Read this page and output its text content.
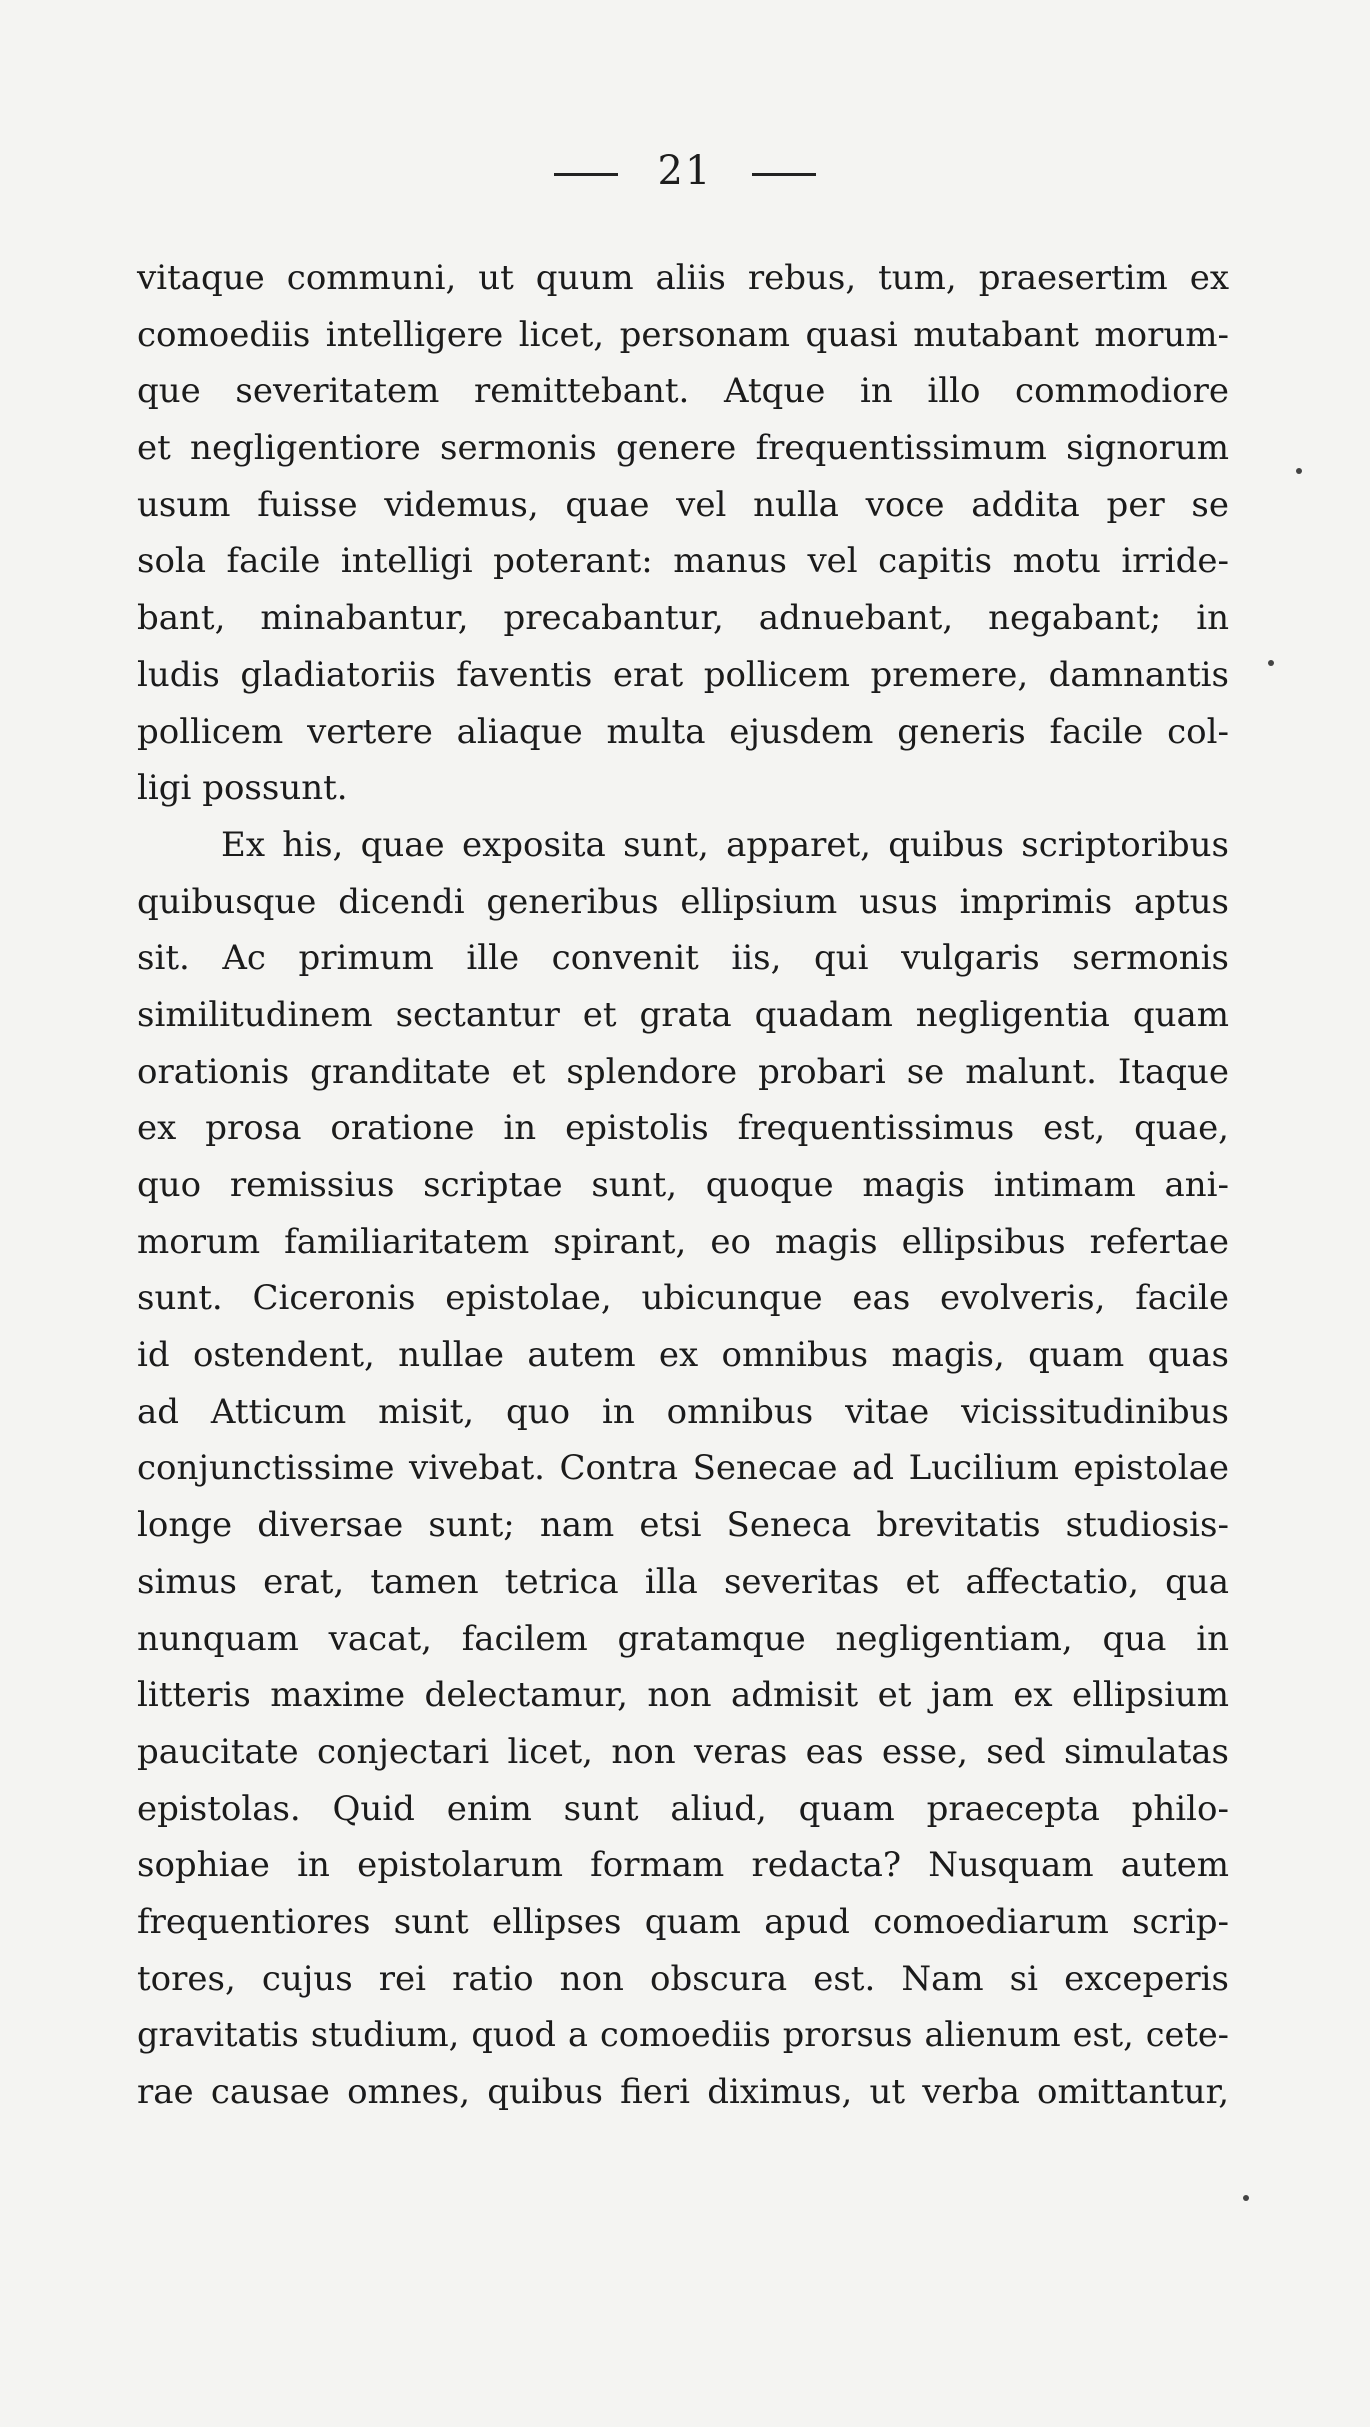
21
vitaque communi, ut quum aliis rebus, tum, praesertim ex
comoediis intelligere licet, personam quasi mutabant morum-
que severitatem remittebant. Atque in illo commodiore
et negligentiore sermonis genere frequentissimum signorum
usum fuisse videmus, quae vel nulla voce addita per se
sola facile intelligi poterant: manus vel capitis motu irride-
bant, minabantur, precabantur, adnuebant, negabant; in
ludis gladiatoriis faventis erat pollicem premere, damnantis
pollicem vertere aliaque multa ejusdem generis facile col-
ligi possunt.
Ex his, quae exposita sunt, apparet, quibus scriptoribus
quibusque dicendi generibus ellipsium usus imprimis aptus
sit. Ac primum ille convenit iis, qui vulgaris sermonis
similitudinem sectantur et grata quadam negligentia quam
orationis granditate et splendore probari se malunt. Itaque
ex prosa oratione in epistolis frequentissimus est, quae,
quo remissius scriptae sunt, quoque magis intimam ani-
morum familiaritatem spirant, eo magis ellipsibus refertae
sunt. Ciceronis epistolae, ubicunque eas evolveris, facile
id ostendent, nullae autem ex omnibus magis, quam quas
ad Atticum misit, quo in omnibus vitae vicissitudinibus
conjunctissime vivebat. Contra Senecae ad Lucilium epistolae
longe diversae sunt; nam etsi Seneca brevitatis studiosis-
simus erat, tamen tetrica illa severitas et affectatio, qua
nunquam vacat, facilem gratamque negligentiam, qua in
litteris maxime delectamur, non admisit et jam ex ellipsium
paucitate conjectari licet, non veras eas esse, sed simulatas
epistolas. Quid enim sunt aliud, quam praecepta philo-
sophiae in epistolarum formam redacta? Nusquam autem
frequentiores sunt ellipses quam apud comoediarum scrip-
tores, cujus rei ratio non obscura est. Nam si exceperis
gravitatis studium, quod a comoediis prorsus alienum est, cete-
rae causae omnes, quibus fieri diximus, ut verba omittantur,
